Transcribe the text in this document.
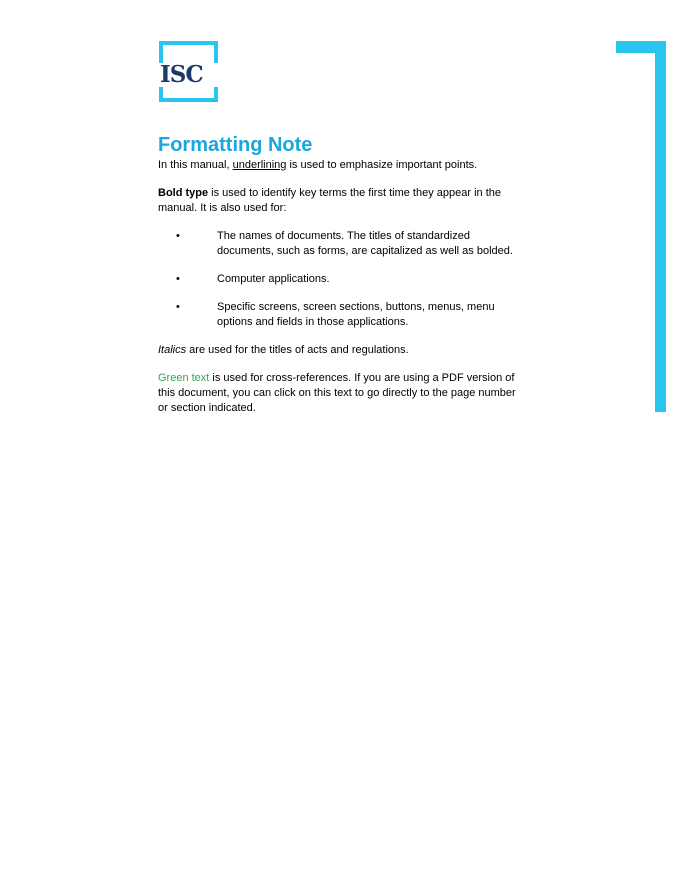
ISC
Formatting Note

In this manual, underlining is used to emphasize important points.

Bold type is used to identify key terms the first time they appear in the manual. It is also used for:

•	The names of documents. The titles of standardized documents, such as forms, are capitalized as well as bolded.
•	Computer applications.
•	Specific screens, screen sections, buttons, menus, menu options and fields in those applications.

Italics are used for the titles of acts and regulations.

Green text is used for cross-references. If you are using a PDF version of this document, you can click on this text to go directly to the page number or section indicated.
